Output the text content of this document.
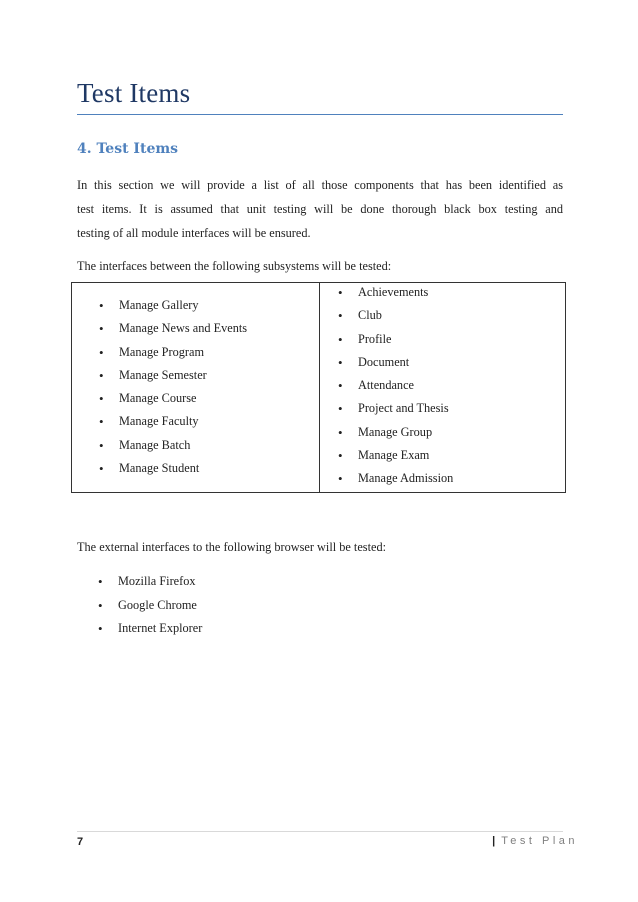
Test Items
4. Test Items
In this section we will provide a list of all those components that has been identified as
test items. It is assumed that unit testing will be done thorough black box testing and
testing of all module interfaces will be ensured.
The interfaces between the following subsystems will be tested:
• Manage Gallery
• Manage News and Events
• Manage Program
• Manage Semester
• Manage Course
• Manage Faculty
• Manage Batch
• Manage Student
• Achievements
• Club
• Profile
• Document
• Attendance
• Project and Thesis
• Manage Group
• Manage Exam
• Manage Admission
The external interfaces to the following browser will be tested:
• Mozilla Firefox
• Google Chrome
• Internet Explorer
7	| Test Plan
